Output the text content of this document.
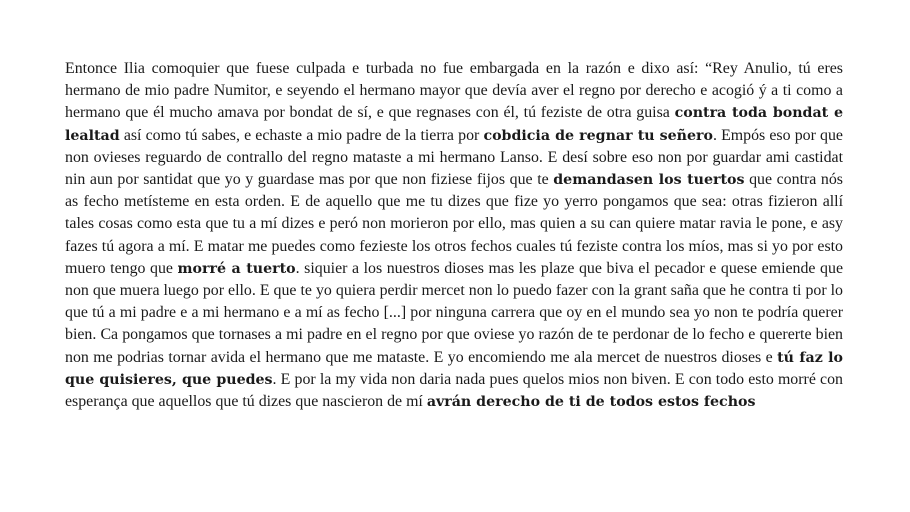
Entonce Ilia comoquier que fuese culpada e turbada no fue embargada en la razón e dixo así: “Rey Anulio, tú eres hermano de mio padre Numitor, e seyendo el hermano mayor que devía aver el regno por derecho e acogió ý a ti como a hermano que él mucho amava por bondat de sí, e que regnases con él, tú feziste de otra guisa contra toda bondat e lealtad así como tú sabes, e echaste a mio padre de la tierra por cobdicia de regnar tu señero. Empós eso por que non ovieses reguardo de contrallo del regno mataste a mi hermano Lanso. E desí sobre eso non por guardar ami castidat nin aun por santidat que yo y guardase mas por que non fiziese fijos que te demandasen los tuertos que contra nós as fecho metísteme en esta orden. E de aquello que me tu dizes que fize yo yerro pongamos que sea: otras fizieron allí tales cosas como esta que tu a mí dizes e peró non morieron por ello, mas quien a su can quiere matar ravia le pone, e asy fazes tú agora a mí. E matar me puedes como fezieste los otros fechos cuales tú feziste contra los míos, mas si yo por esto muero tengo que morré a tuerto. siquier a los nuestros dioses mas les plaze que biva el pecador e quese emiende que non que muera luego por ello. E que te yo quiera perdir mercet non lo puedo fazer con la grant saña que he contra ti por lo que tú a mi padre e a mi hermano e a mí as fecho [...] por ninguna carrera que oy en el mundo sea yo non te podría querer bien. Ca pongamos que tornases a mi padre en el regno por que oviese yo razón de te perdonar de lo fecho e quererte bien non me podrias tornar avida el hermano que me mataste. E yo encomiendo me ala mercet de nuestros dioses e tú faz lo que quisieres, que puedes. E por la my vida non daria nada pues quelos mios non biven. E con todo esto morré con esperança que aquellos que tú dizes que nascieron de mí avrán derecho de ti de todos estos fechos
